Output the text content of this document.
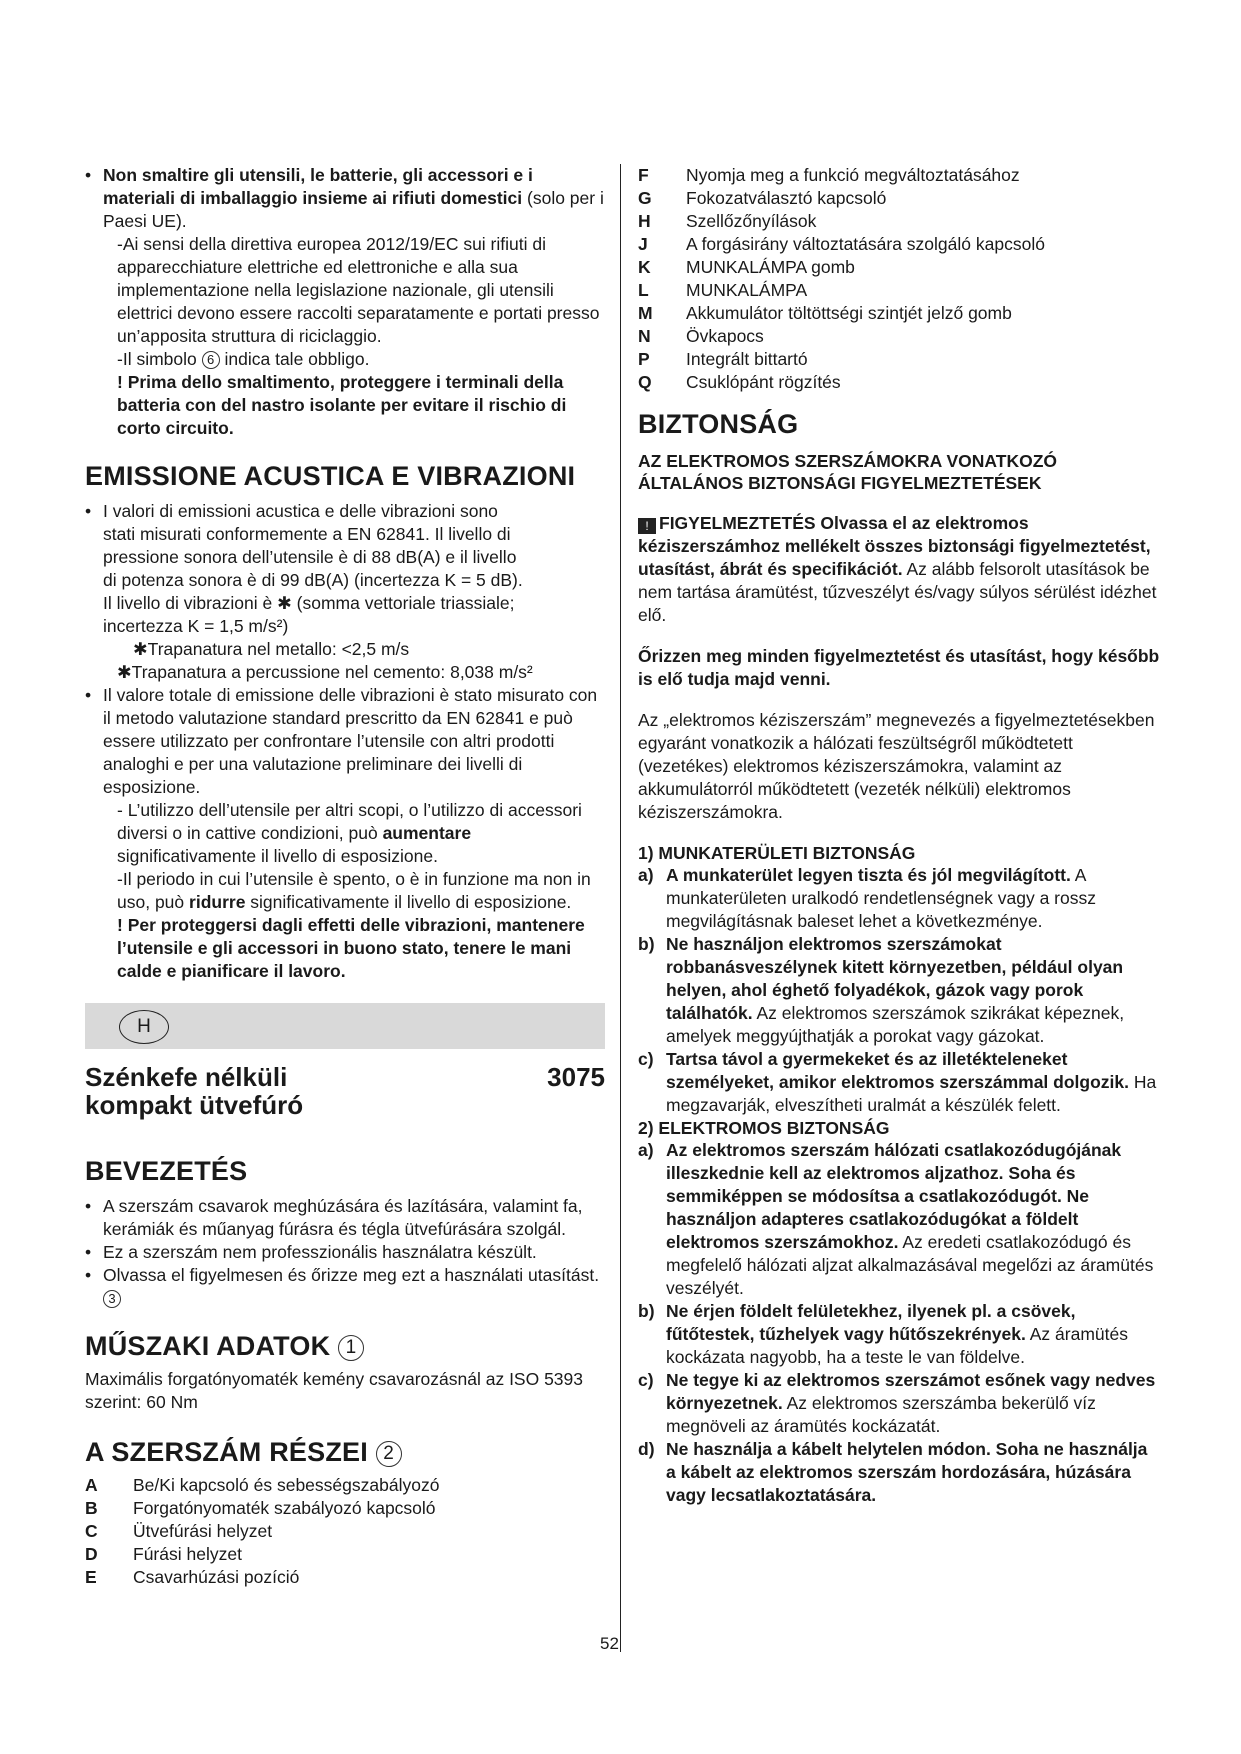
• Non smaltire gli utensili, le batterie, gli accessori e i materiali di imballaggio insieme ai rifiuti domestici (solo per i Paesi UE).

-Ai sensi della direttiva europea 2012/19/EC sui rifiuti di apparecchiature elettriche ed elettroniche e alla sua implementazione nella legislazione nazionale, gli utensili elettrici devono essere raccolti separatamente e portati presso un’apposita struttura di riciclaggio.

-Il simbolo 6 indica tale obbligo.

! Prima dello smaltimento, proteggere i terminali della batteria con del nastro isolante per evitare il rischio di corto circuito.

EMISSIONE ACUSTICA E VIBRAZIONI
• I valori di emissioni acustica e delle vibrazioni sono
stati misurati conformemente a EN 62841. Il livello di
pressione sonora dell’utensile è di 88 dB(A) e il livello
di potenza sonora è di 99 dB(A) (incertezza K = 5 dB).
Il livello di vibrazioni è ✱ (somma vettoriale triassiale;
incertezza K = 1,5 m/s²)

✱Trapanatura nel metallo: <2,5 m/s

✱Trapanatura a percussione nel cemento: 8,038 m/s²

• Il valore totale di emissione delle vibrazioni è stato misurato con il metodo valutazione standard prescritto da EN 62841 e può essere utilizzato per confrontare l’utensile con altri prodotti analoghi e per una valutazione preliminare dei livelli di esposizione.

- L’utilizzo dell’utensile per altri scopi, o l’utilizzo di accessori diversi o in cattive condizioni, può aumentare significativamente il livello di esposizione.

-Il periodo in cui l’utensile è spento, o è in funzione ma non in uso, può ridurre significativamente il livello di esposizione.

! Per proteggersi dagli effetti delle vibrazioni, mantenere l’utensile e gli accessori in buono stato, tenere le mani calde e pianificare il lavoro.

H
Szénkefe nélküli
kompakt ütvefúró
3075
BEVEZETÉS
• A szerszám csavarok meghúzására és lazítására, valamint fa, kerámiák és műanyag fúrásra és tégla ütvefúrására szolgál.
• Ez a szerszám nem professzionális használatra készült.
• Olvassa el figyelmesen és őrizze meg ezt a használati utasítást.3
MŰSZAKI ADATOK 1

Maximális forgatónyomaték kemény csavarozásnál az ISO 5393 szerint: 60 Nm

A SZERSZÁM RÉSZEI 2
A	Be/Ki kapcsoló és sebességszabályozó
B	Forgatónyomaték szabályozó kapcsoló
C	Ütvefúrási helyzet
D	Fúrási helyzet
E	Csavarhúzási pozíció
F	Nyomja meg a funkció megváltoztatásához
G	Fokozatválasztó kapcsoló
H	Szellőzőnyílások
J	A forgásirány változtatására szolgáló kapcsoló
K	MUNKALÁMPA gomb
L	MUNKALÁMPA
M	Akkumulátor töltöttségi szintjét jelző gomb
N	Övkapocs
P	Integrált bittartó
Q	Csuklópánt rögzítés
BIZTONSÁG
AZ ELEKTROMOS SZERSZÁMOKRA VONATKOZÓ
ÁLTALÁNOS BIZTONSÁGI FIGYELMEZTETÉSEK

! FIGYELMEZTETÉS Olvassa el az elektromos kéziszerszámhoz mellékelt összes biztonsági figyelmeztetést, utasítást, ábrát és specifikációt. Az alább felsorolt utasítások be nem tartása áramütést, tűzveszélyt és/vagy súlyos sérülést idézhet elő.

Őrizzen meg minden figyelmeztetést és utasítást, hogy később is elő tudja majd venni.

Az „elektromos kéziszerszám” megnevezés a figyelmeztetésekben egyaránt vonatkozik a hálózati feszültségről működtetett (vezetékes) elektromos kéziszerszámokra, valamint az akkumulátorról működtetett (vezeték nélküli) elektromos kéziszerszámokra.

1) MUNKATERÜLETI BIZTONSÁG

a) A munkaterület legyen tiszta és jól megvilágított. A munkaterületen uralkodó rendetlenségnek vagy a rossz megvilágításnak baleset lehet a következménye.
b) Ne használjon elektromos szerszámokat robbanásveszélynek kitett környezetben, például olyan helyen, ahol éghető folyadékok, gázok vagy porok találhatók. Az elektromos szerszámok szikrákat képeznek, amelyek meggyújthatják a porokat vagy gázokat.
c) Tartsa távol a gyermekeket és az illetékteleneket személyeket, amikor elektromos szerszámmal dolgozik. Ha megzavarják, elveszítheti uralmát a készülék felett.

2) ELEKTROMOS BIZTONSÁG

a) Az elektromos szerszám hálózati csatlakozódugójának illeszkednie kell az elektromos aljzathoz. Soha és semmiképpen se módosítsa a csatlakozódugót. Ne használjon adapteres csatlakozódugókat a földelt elektromos szerszámokhoz. Az eredeti csatlakozódugó és megfelelő hálózati aljzat alkalmazásával megelőzi az áramütés veszélyét.
b) Ne érjen földelt felületekhez, ilyenek pl. a csövek, fűtőtestek, tűzhelyek vagy hűtőszekrények. Az áramütés kockázata nagyobb, ha a teste le van földelve.
c) Ne tegye ki az elektromos szerszámot esőnek vagy nedves környezetnek. Az elektromos szerszámba bekerülő víz megnöveli az áramütés kockázatát.
d) Ne használja a kábelt helytelen módon. Soha ne használja a kábelt az elektromos szerszám hordozására, húzására vagy lecsatlakoztatására.
52
